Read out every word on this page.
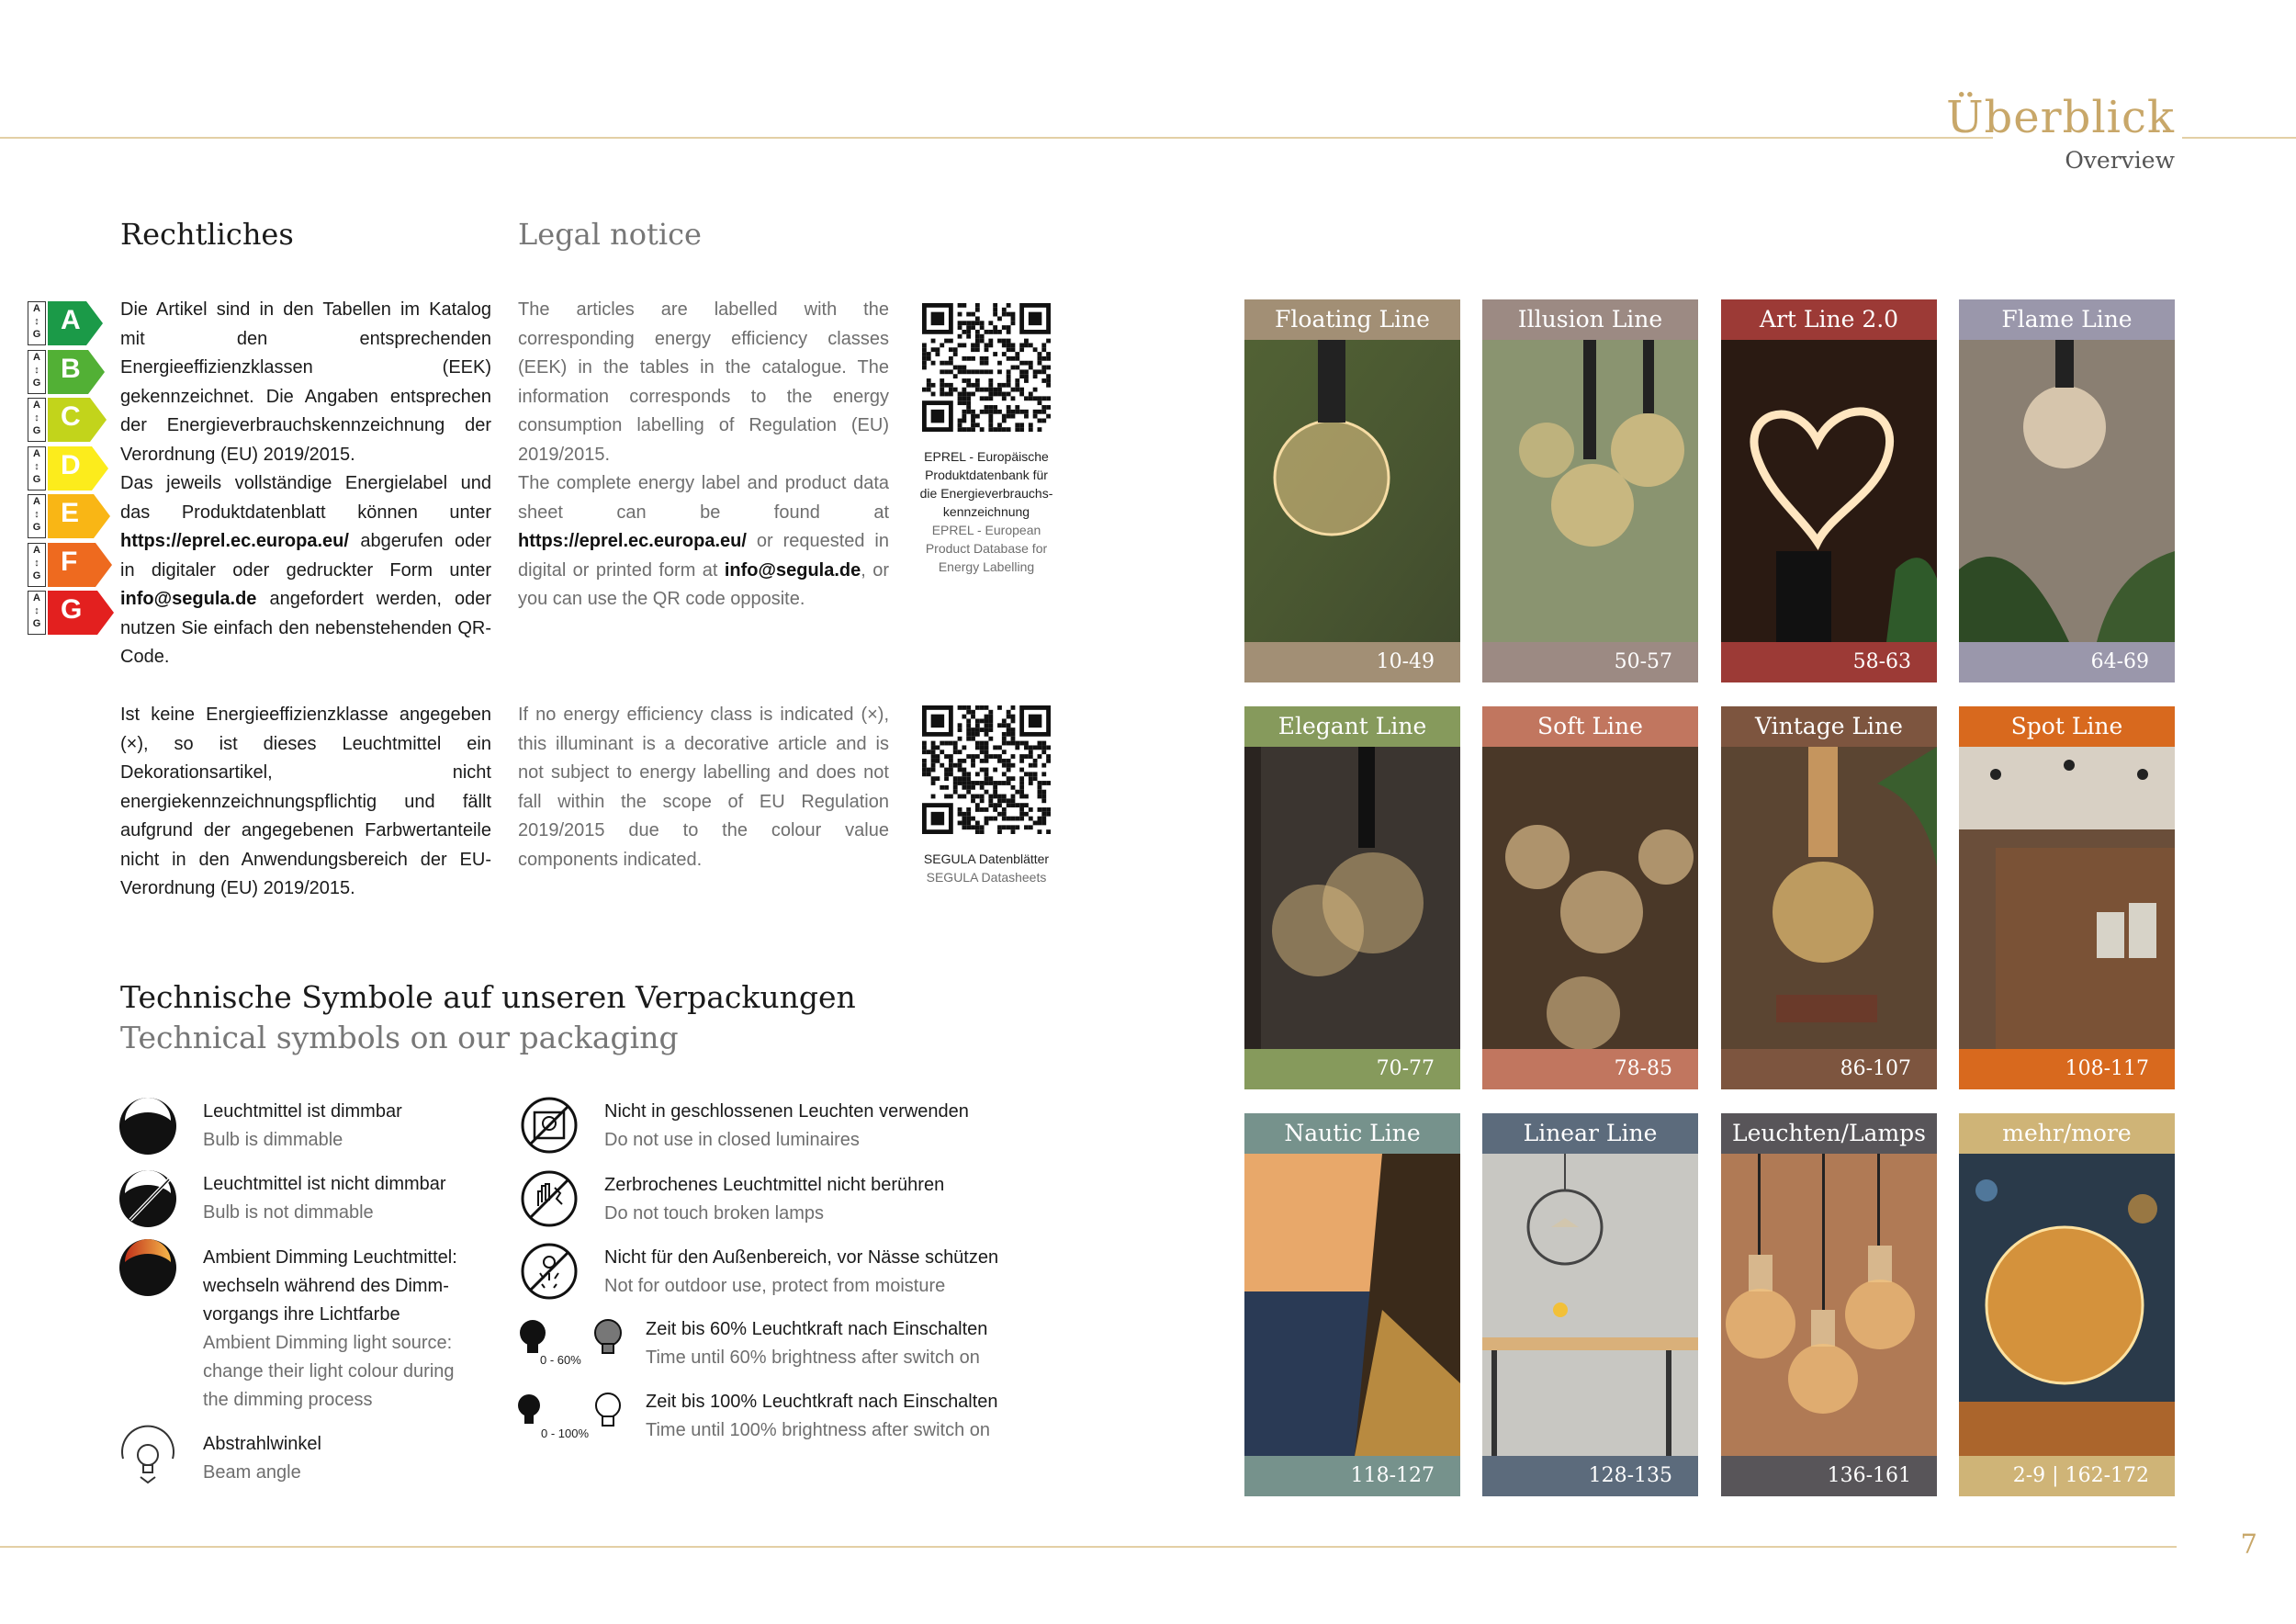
Überblick
Overview
Rechtliches	Legal notice
A
↕
G A
A
↕
G B
A
↕
G C
A
↕
G D
A
↕
G E
A
↕
G F
A
↕
G G
Die Artikel sind in den Tabellen im Katalog mit den entsprechenden Energieeffizienzklassen (EEK) gekennzeichnet. Die Angaben entsprechen der Energieverbrauchskennzeichnung der Verordnung (EU) 2019/2015.
Das jeweils vollständige Energielabel und das Produktdatenblatt können unter https://eprel.ec.europa.eu/ abgerufen oder in digitaler oder gedruckter Form unter info@segula.de angefordert werden, oder nutzen Sie einfach den nebenstehenden QR-Code.
Ist keine Energieeffizienzklasse angegeben (×), so ist dieses Leuchtmittel ein Dekorationsartikel, nicht energiekennzeichnungspflichtig und fällt aufgrund der angegebenen Farbwertanteile nicht in den Anwendungsbereich der EU-Verordnung (EU) 2019/2015.
The articles are labelled with the corresponding energy efficiency classes (EEK) in the tables in the catalogue. The information corresponds to the energy consumption labelling of Regulation (EU) 2019/2015.
The complete energy label and product data sheet can be found at https://eprel.ec.europa.eu/ or requested in digital or printed form at info@segula.de, or you can use the QR code opposite.
If no energy efficiency class is indicated (×), this illuminant is a decorative article and is not subject to energy labelling and does not fall within the scope of EU Regulation 2019/2015 due to the colour value components indicated.
EPREL - Europäische Produktdatenbank für die Energieverbrauchs-kennzeichnung
EPREL - European Product Database for Energy Labelling
SEGULA Datenblätter
SEGULA Datasheets
Technische Symbole auf unseren Verpackungen
Technical symbols on our packaging
Leuchtmittel ist dimmbar
Bulb is dimmable
Leuchtmittel ist nicht dimmbar
Bulb is not dimmable
Ambient Dimming Leuchtmittel:
wechseln während des Dimm-
vorgangs ihre Lichtfarbe
Ambient Dimming light source:
change their light colour during
the dimming process
Abstrahlwinkel
Beam angle
Nicht in geschlossenen Leuchten verwenden
Do not use in closed luminaires
Zerbrochenes Leuchtmittel nicht berühren
Do not touch broken lamps
Nicht für den Außenbereich, vor Nässe schützen
Not for outdoor use, protect from moisture
0 - 60%
Zeit bis 60% Leuchtkraft nach Einschalten
Time until 60% brightness after switch on
0 - 100%
Zeit bis 100% Leuchtkraft nach Einschalten
Time until 100% brightness after switch on
Floating Line
10-49
Illusion Line
50-57
Art Line 2.0
58-63
Flame Line
64-69
Elegant Line
70-77
Soft Line
78-85
Vintage Line
86-107
Spot Line
108-117
Nautic Line
118-127
Linear Line
128-135
Leuchten/Lamps
136-161
mehr/more
2-9 | 162-172
7
